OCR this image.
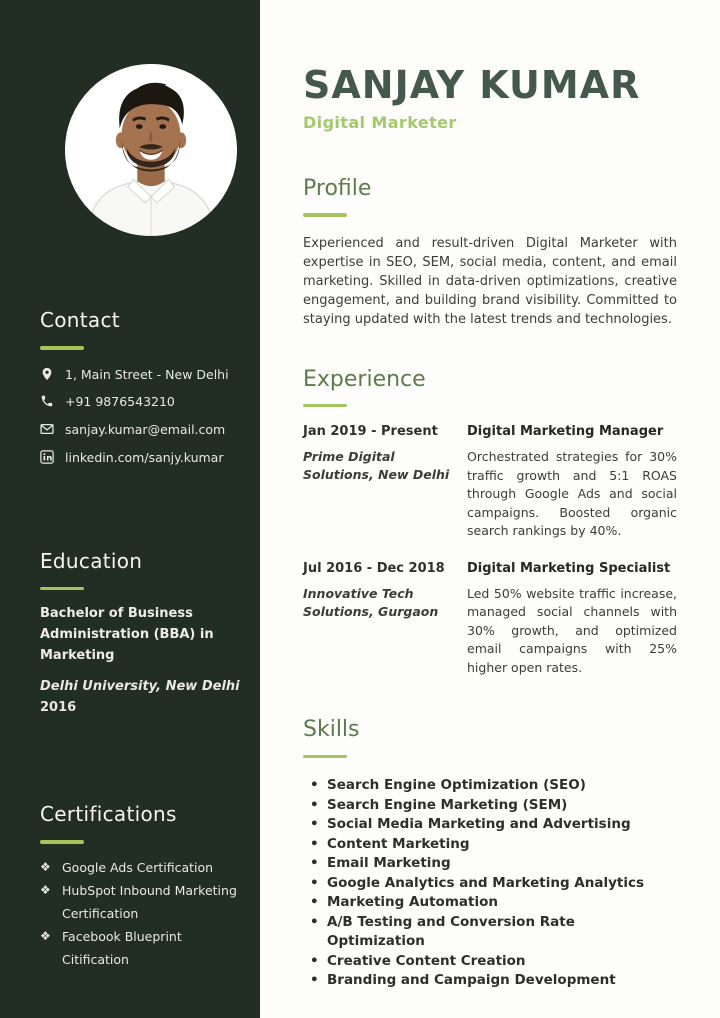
Contact
1, Main Street - New Delhi
+91 9876543210
sanjay.kumar@email.com
linkedin.com/sanjy.kumar
Education

Bachelor of Business Administration (BBA) in Marketing

Delhi University, New Delhi

2016

Certifications
❖ Google Ads Certification
❖ HubSpot Inbound Marketing Certification
❖ Facebook Blueprint Citification
SANJAY KUMAR
Digital Marketer
Profile

Experienced and result-driven Digital Marketer with expertise in SEO, SEM, social media, content, and email marketing. Skilled in data-driven optimizations, creative engagement, and building brand visibility. Committed to staying updated with the latest trends and technologies.

Experience
Jan 2019 - Present	Digital Marketing Manager
Prime Digital Solutions, New Delhi
Orchestrated strategies for 30% traffic growth and 5:1 ROAS through Google Ads and social campaigns. Boosted organic search rankings by 40%.
Jul 2016 - Dec 2018	Digital Marketing Specialist
Innovative Tech Solutions, Gurgaon
Led 50% website traffic increase, managed social channels with 30% growth, and optimized email campaigns with 25% higher open rates.
Skills
• Search Engine Optimization (SEO)
• Search Engine Marketing (SEM)
• Social Media Marketing and Advertising
• Content Marketing
• Email Marketing
• Google Analytics and Marketing Analytics
• Marketing Automation
• A/B Testing and Conversion Rate Optimization
• Creative Content Creation
• Branding and Campaign Development
